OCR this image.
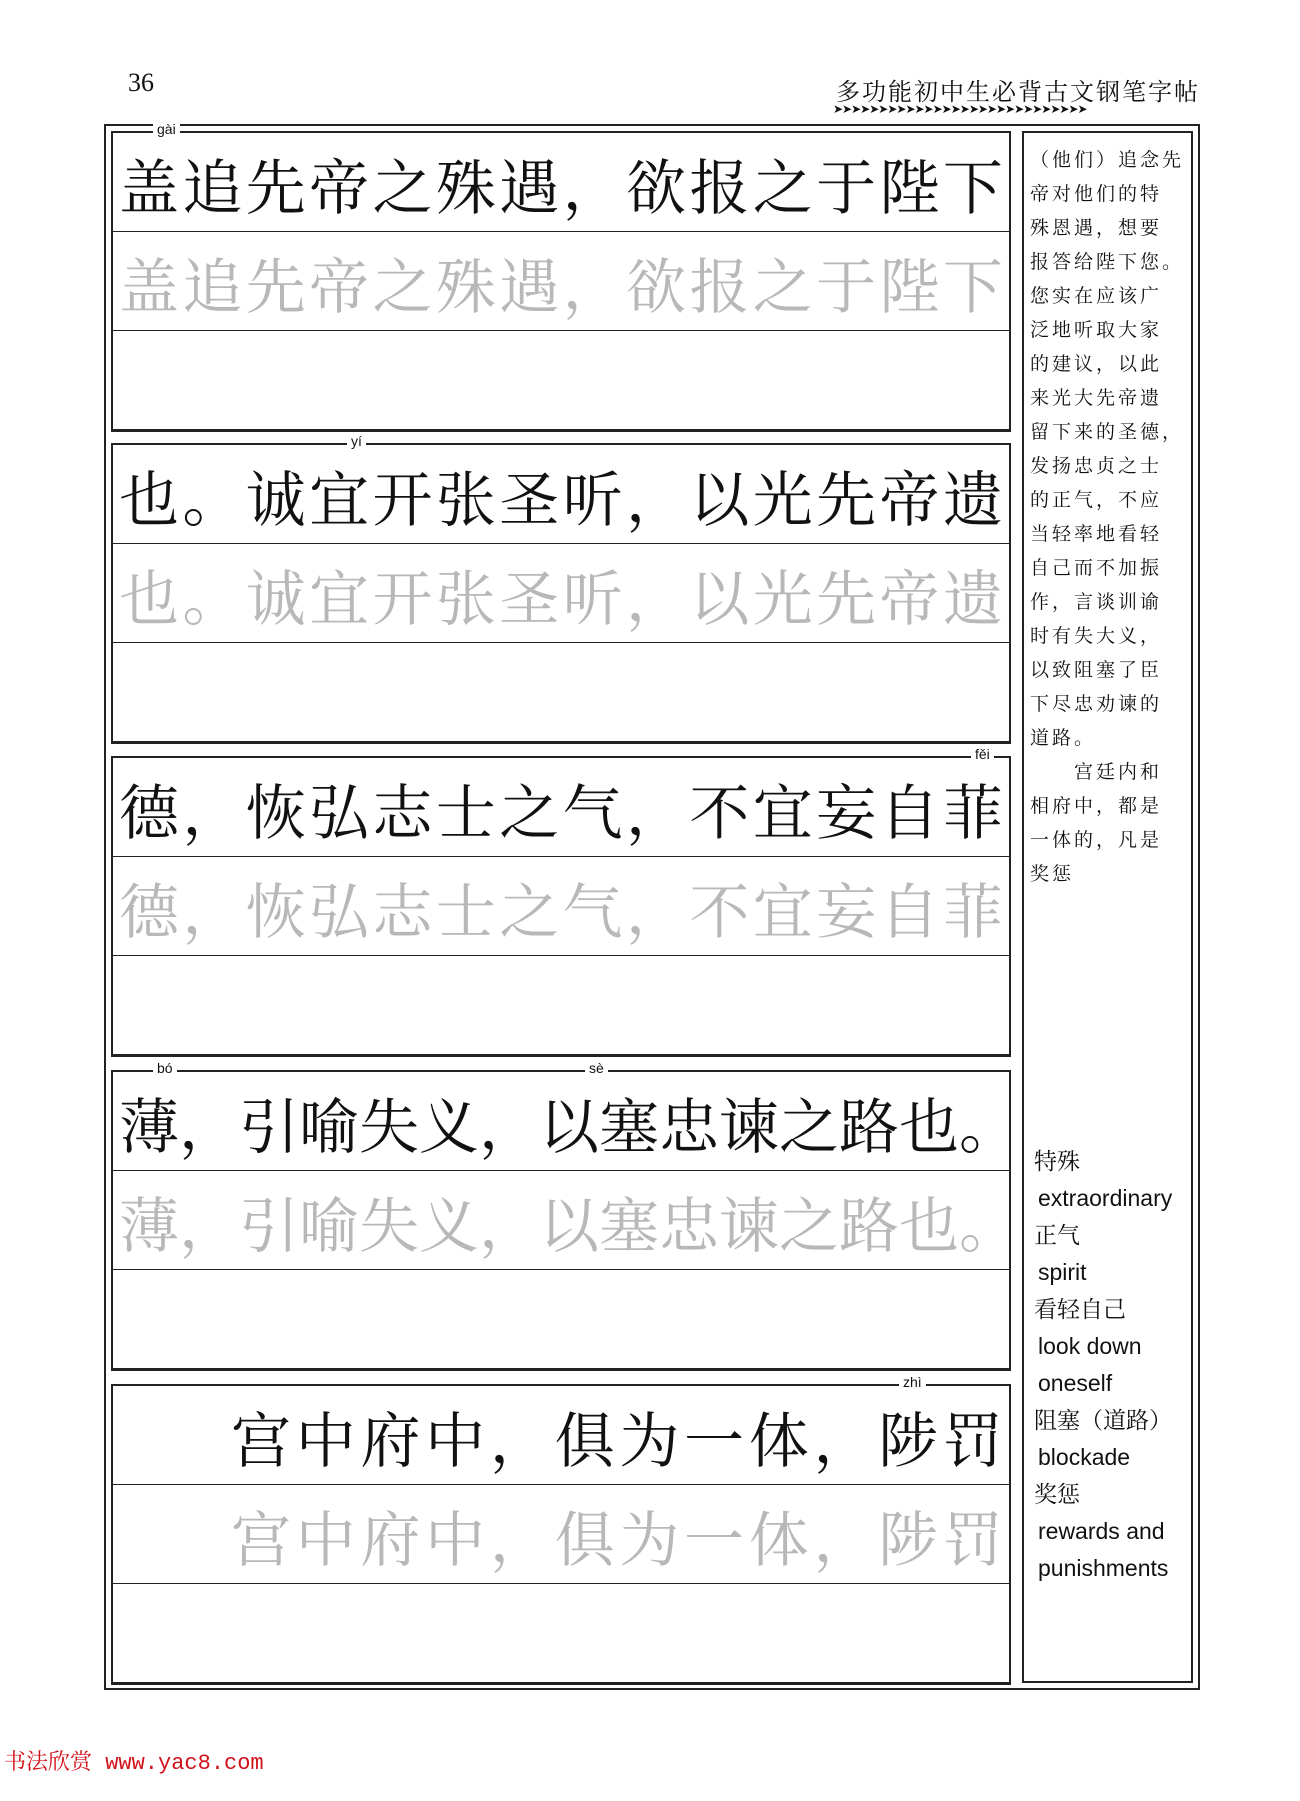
36	多功能初中生必背古文钢笔字帖
➤➤➤➤➤➤➤➤➤➤➤➤➤➤➤➤➤➤➤➤➤➤➤➤➤➤➤➤
盖 追 先 帝 之 殊 遇 ， 欲 报 之 于 陛 下
盖 追 先 帝 之 殊 遇 ， 欲 报 之 于 陛 下
gài
也 。 诚 宜 开 张 圣 听 ， 以 光 先 帝 遗
也 。 诚 宜 开 张 圣 听 ， 以 光 先 帝 遗
yí
德 ， 恢 弘 志 士 之 气 ， 不 宜 妄 自 菲
德 ， 恢 弘 志 士 之 气 ， 不 宜 妄 自 菲
fěi
薄 ， 引 喻 失 义 ， 以 塞 忠 谏 之 路 也 。
薄 ， 引 喻 失 义 ， 以 塞 忠 谏 之 路 也 。
bó	sè
宫 中 府 中 ， 俱 为 一 体 ， 陟 罚
宫 中 府 中 ， 俱 为 一 体 ， 陟 罚
zhì
（他们）追念先
帝对他们的特
殊恩遇，想要
报答给陛下您。
您实在应该广
泛地听取大家
的建议，以此
来光大先帝遗
留下来的圣德，
发扬忠贞之士
的正气，不应
当轻率地看轻
自己而不加振
作，言谈训谕
时有失大义，
以致阻塞了臣
下尽忠劝谏的
道路。
　　宫廷内和
相府中，都是
一体的，凡是
奖惩
特殊
extraordinary
正气
spirit
看轻自己
look down oneself
阻塞（道路）
blockade
奖惩
rewards and punishments
书法欣赏 www.yac8.com
